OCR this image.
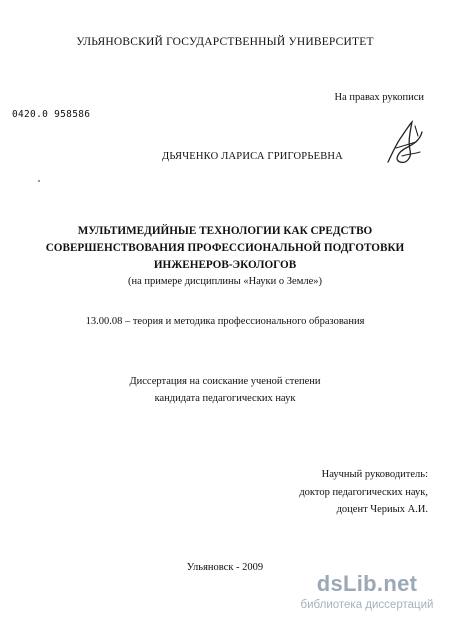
УЛЬЯНОВСКИЙ ГОСУДАРСТВЕННЫЙ УНИВЕРСИТЕТ
На правах рукописи
0420.0 958586
ДЬЯЧЕНКО ЛАРИСА ГРИГОРЬЕВНА
МУЛЬТИМЕДИЙНЫЕ ТЕХНОЛОГИИ КАК СРЕДСТВО
СОВЕРШЕНСТВОВАНИЯ ПРОФЕССИОНАЛЬНОЙ ПОДГОТОВКИ
ИНЖЕНЕРОВ-ЭКОЛОГОВ
(на примере дисциплины «Науки о Земле»)
13.00.08 – теория и методика профессионального образования
Диссертация на соискание ученой степени
кандидата педагогических наук
Научный руководитель:
доктор педагогических наук,
доцент Чериых А.И.
Ульяновск - 2009
dsLib.net
библиотека диссертаций
